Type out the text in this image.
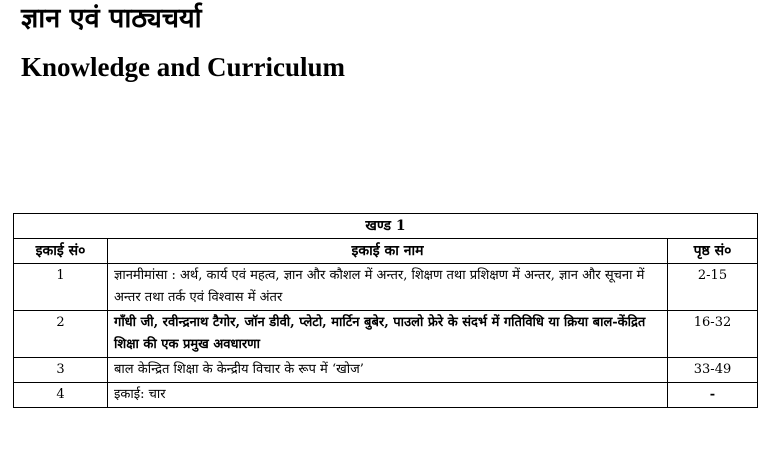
ज्ञान एवं पाठ्यचर्या
Knowledge and Curriculum
खण्ड 1		
इकाई सं०	इकाई का नाम	पृष्ठ सं०
1	ज्ञानमीमांसा : अर्थ, कार्य एवं महत्व, ज्ञान और कौशल में अन्तर, शिक्षण तथा प्रशिक्षण में अन्तर, ज्ञान और सूचना में अन्तर तथा तर्क एवं विश्वास में अंतर	2-15
2	गाँधी जी, रवीन्द्रनाथ टैगोर, जॉन डीवी, प्लेटो, मार्टिन बुबेर, पाउलो फ्रेरे के संदर्भ में गतिविधि या क्रिया बाल-केंद्रित शिक्षा की एक प्रमुख अवधारणा	16-32
3	बाल केन्द्रित शिक्षा के केन्द्रीय विचार के रूप में ‘खोज’	33-49
4	इकाई: चार	-
